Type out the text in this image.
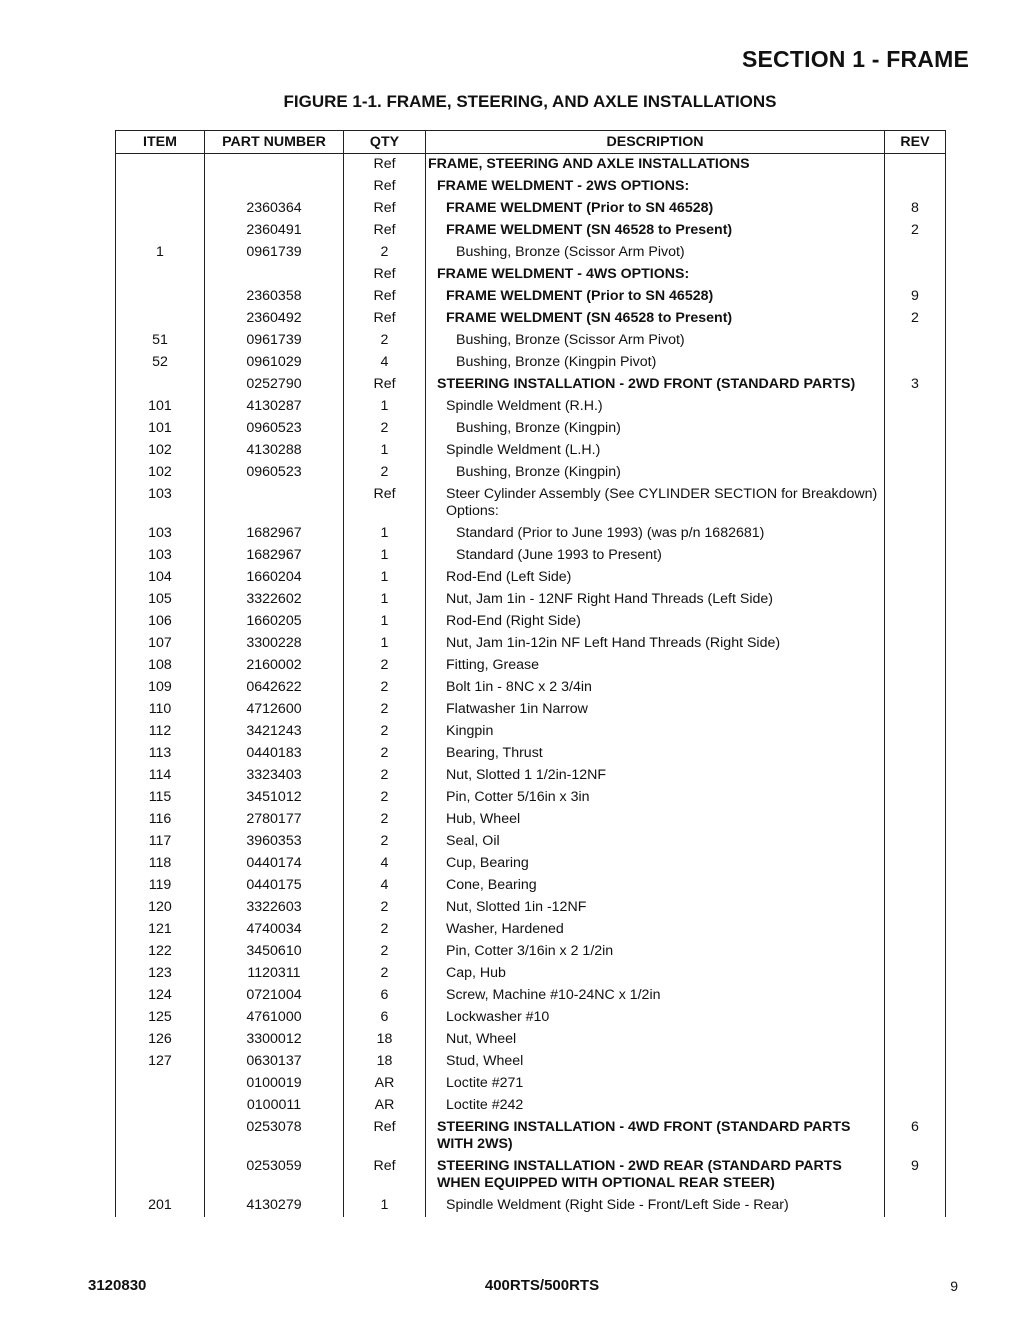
SECTION 1 - FRAME
FIGURE 1-1. FRAME, STEERING, AND AXLE INSTALLATIONS
ITEM	PART NUMBER	QTY	DESCRIPTION	REV
		Ref	FRAME, STEERING AND AXLE INSTALLATIONS	

		Ref	FRAME WELDMENT - 2WS OPTIONS:	

	2360364	Ref	FRAME WELDMENT (Prior to SN 46528)	8
	2360491	Ref	FRAME WELDMENT (SN 46528 to Present)	2
1	0961739	2	Bushing, Bronze (Scissor Arm Pivot)	

		Ref	FRAME WELDMENT - 4WS OPTIONS:	

	2360358	Ref	FRAME WELDMENT (Prior to SN 46528)	9
	2360492	Ref	FRAME WELDMENT (SN 46528 to Present)	2
51	0961739	2	Bushing, Bronze (Scissor Arm Pivot)	

52	0961029	4	Bushing, Bronze (Kingpin Pivot)	

	0252790	Ref	STEERING INSTALLATION - 2WD FRONT (STANDARD PARTS)	3
101	4130287	1	Spindle Weldment (R.H.)	

101	0960523	2	Bushing, Bronze (Kingpin)	

102	4130288	1	Spindle Weldment (L.H.)	

102	0960523	2	Bushing, Bronze (Kingpin)	

103		Ref	Steer Cylinder Assembly (See CYLINDER SECTION for Breakdown) Options:	

103	1682967	1	Standard (Prior to June 1993) (was p/n 1682681)	

103	1682967	1	Standard (June 1993 to Present)	

104	1660204	1	Rod-End (Left Side)	

105	3322602	1	Nut, Jam 1in - 12NF Right Hand Threads (Left Side)	

106	1660205	1	Rod-End (Right Side)	

107	3300228	1	Nut, Jam 1in-12in NF Left Hand Threads (Right Side)	

108	2160002	2	Fitting, Grease	

109	0642622	2	Bolt 1in - 8NC x 2 3/4in	

110	4712600	2	Flatwasher 1in Narrow	

112	3421243	2	Kingpin	

113	0440183	2	Bearing, Thrust	

114	3323403	2	Nut, Slotted 1 1/2in-12NF	

115	3451012	2	Pin, Cotter 5/16in x 3in	

116	2780177	2	Hub, Wheel	

117	3960353	2	Seal, Oil	

118	0440174	4	Cup, Bearing	

119	0440175	4	Cone, Bearing	

120	3322603	2	Nut, Slotted 1in -12NF	

121	4740034	2	Washer, Hardened	

122	3450610	2	Pin, Cotter 3/16in x 2 1/2in	

123	1120311	2	Cap, Hub	

124	0721004	6	Screw, Machine #10-24NC x 1/2in	

125	4761000	6	Lockwasher #10	

126	3300012	18	Nut, Wheel	

127	0630137	18	Stud, Wheel	

	0100019	AR	Loctite #271	

	0100011	AR	Loctite #242	

	0253078	Ref	STEERING INSTALLATION - 4WD FRONT (STANDARD PARTS WITH 2WS)	6
	0253059	Ref	STEERING INSTALLATION - 2WD REAR (STANDARD PARTS WHEN EQUIPPED WITH OPTIONAL REAR STEER)	9
201	4130279	1	Spindle Weldment (Right Side - Front/Left Side - Rear)	

3120830	400RTS/500RTS	9
